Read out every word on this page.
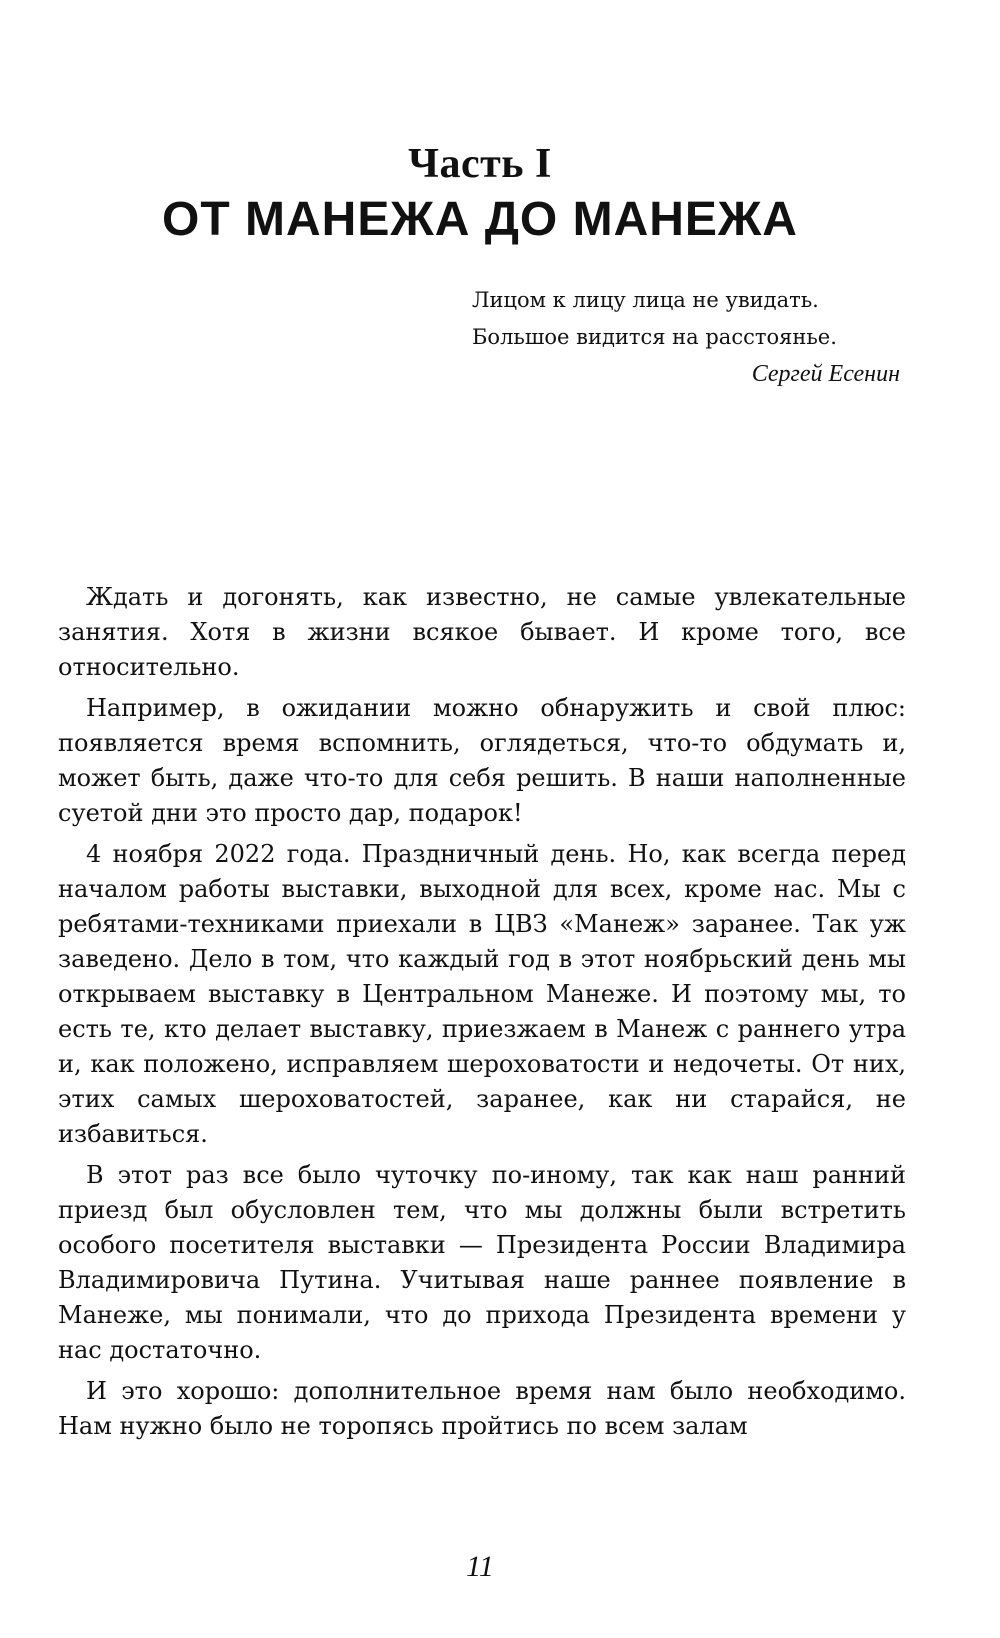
Часть I
ОТ МАНЕЖА ДО МАНЕЖА
Лицом к лицу лица не увидать.
Большое видится на расстоянье.
Сергей Есенин

Ждать и догонять, как известно, не самые увлекательные занятия. Хотя в жизни всякое бывает. И кроме того, все относительно.

Например, в ожидании можно обнаружить и свой плюс: появляется время вспомнить, оглядеться, что-то обдумать и, может быть, даже что-то для себя решить. В наши наполненные суетой дни это просто дар, подарок!

4 ноября 2022 года. Праздничный день. Но, как всегда перед началом работы выставки, выходной для всех, кроме нас. Мы с ребятами-техниками приехали в ЦВЗ «Манеж» заранее. Так уж заведено. Дело в том, что каждый год в этот ноябрьский день мы открываем выставку в Центральном Манеже. И поэтому мы, то есть те, кто делает выставку, приезжаем в Манеж с раннего утра и, как положено, исправляем шероховатости и недочеты. От них, этих самых шероховатостей, заранее, как ни старайся, не избавиться.

В этот раз все было чуточку по-иному, так как наш ранний приезд был обусловлен тем, что мы должны были встретить особого посетителя выставки — Президента России Владимира Владимировича Путина. Учитывая наше раннее появление в Манеже, мы понимали, что до прихода Президента времени у нас достаточно.

И это хорошо: дополнительное время нам было необходимо. Нам нужно было не торопясь пройтись по всем залам

11
